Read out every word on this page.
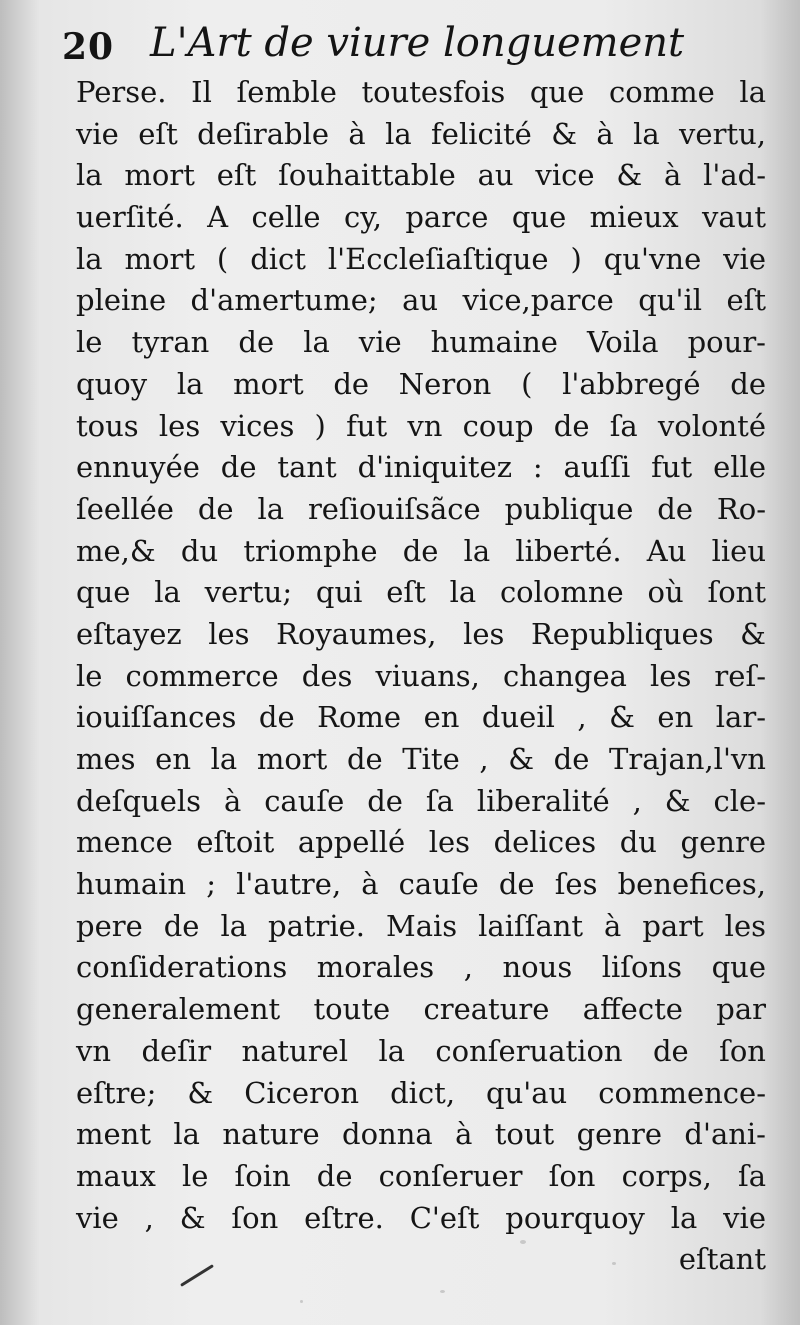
20 L'Art de viure longuement
Perse. Il ſemble toutesfois que comme la
vie eſt deſirable à la felicité & à la vertu,
la mort eſt ſouhaittable au vice & à l'ad-
uerſité. A celle cy, parce que mieux vaut
la mort ( dict l'Eccleſiaſtique ) qu'vne vie
pleine d'amertume; au vice,parce qu'il eſt
le tyran de la vie humaine Voila pour-
quoy la mort de Neron ( l'abbregé de
tous les vices ) fut vn coup de ſa volonté
ennuyée de tant d'iniquitez : auſſi fut elle
ſeellée de la reſiouiſsãce publique de Ro-
me,& du triomphe de la liberté. Au lieu
que la vertu; qui eſt la colomne où ſont
eſtayez les Royaumes, les Republiques &
le commerce des viuans, changea les reſ-
iouiſſances de Rome en dueil , & en lar-
mes en la mort de Tite , & de Trajan,l'vn
deſquels à cauſe de ſa liberalité , & cle-
mence eſtoit appellé les delices du genre
humain ; l'autre, à cauſe de ſes benefices,
pere de la patrie. Mais laiſſant à part les
conſiderations morales , nous liſons que
generalement toute creature affecte par
vn deſir naturel la conſeruation de ſon
eſtre; & Ciceron dict, qu'au commence-
ment la nature donna à tout genre d'ani-
maux le ſoin de conſeruer ſon corps, ſa
vie , & ſon eſtre. C'eſt pourquoy la vie
eſtant
